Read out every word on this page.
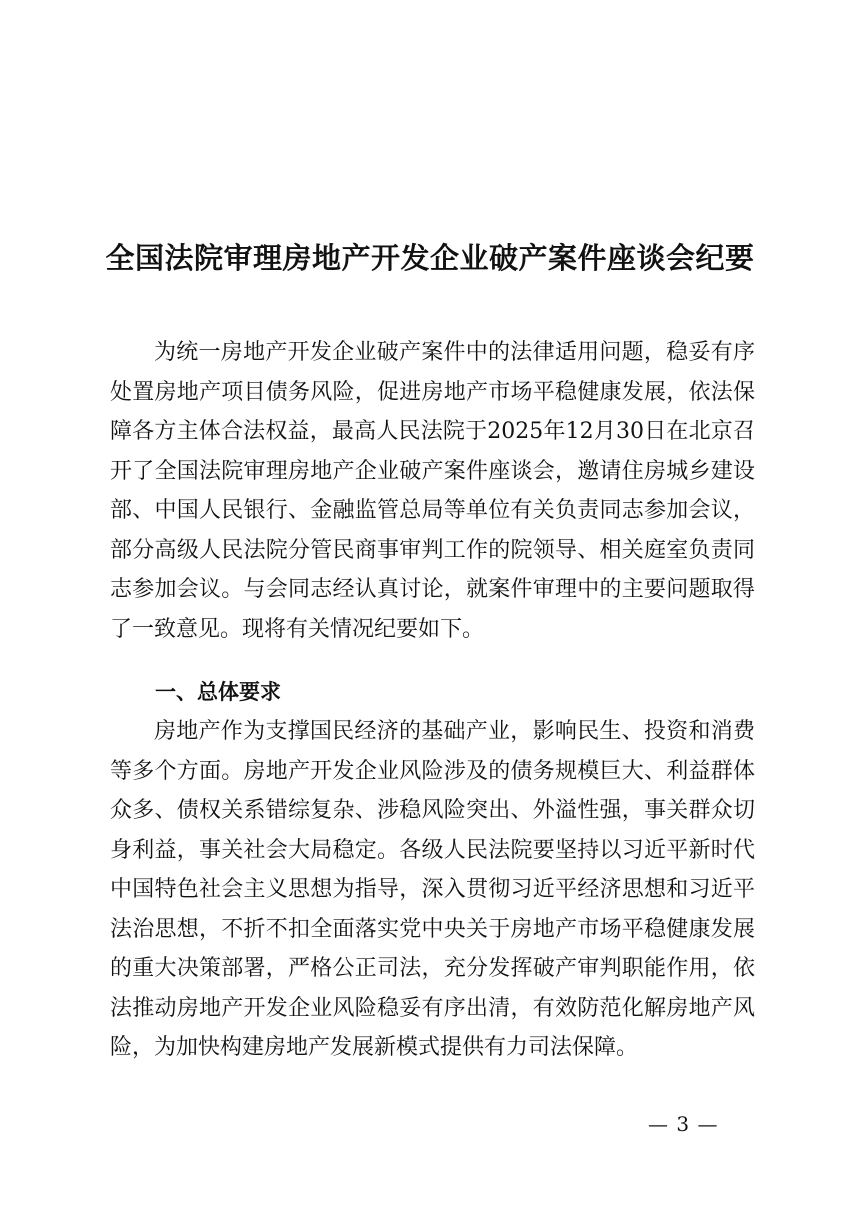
全国法院审理房地产开发企业破产案件座谈会纪要

为统一房地产开发企业破产案件中的法律适用问题，稳妥有序处置房地产项目债务风险，促进房地产市场平稳健康发展，依法保障各方主体合法权益，最高人民法院于2025年12月30日在北京召开了全国法院审理房地产企业破产案件座谈会，邀请住房城乡建设部、中国人民银行、金融监管总局等单位有关负责同志参加会议，部分高级人民法院分管民商事审判工作的院领导、相关庭室负责同志参加会议。与会同志经认真讨论，就案件审理中的主要问题取得了一致意见。现将有关情况纪要如下。

一、总体要求

房地产作为支撑国民经济的基础产业，影响民生、投资和消费等多个方面。房地产开发企业风险涉及的债务规模巨大、利益群体众多、债权关系错综复杂、涉稳风险突出、外溢性强，事关群众切身利益，事关社会大局稳定。各级人民法院要坚持以习近平新时代中国特色社会主义思想为指导，深入贯彻习近平经济思想和习近平法治思想，不折不扣全面落实党中央关于房地产市场平稳健康发展的重大决策部署，严格公正司法，充分发挥破产审判职能作用，依法推动房地产开发企业风险稳妥有序出清，有效防范化解房地产风险，为加快构建房地产发展新模式提供有力司法保障。

— 3 —
